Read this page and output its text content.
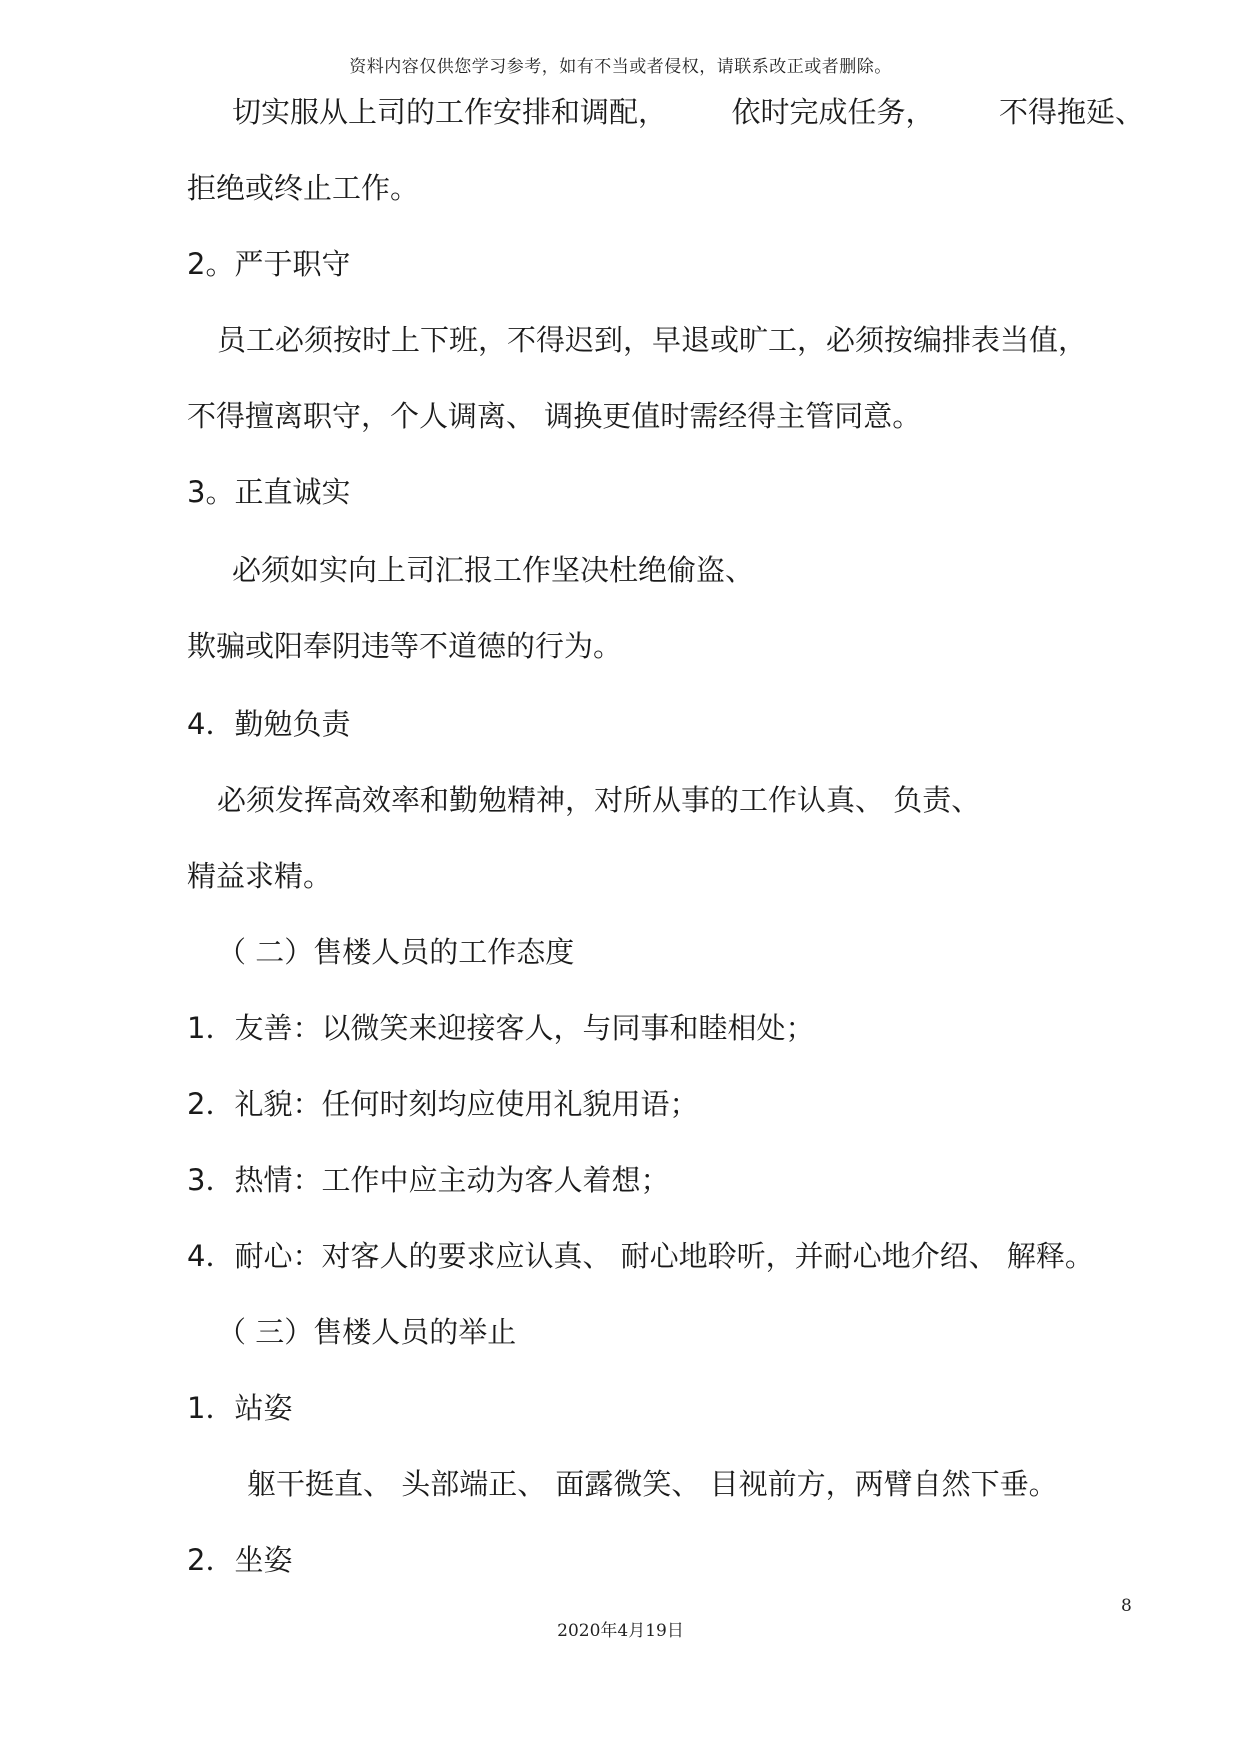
资料内容仅供您学习参考，如有不当或者侵权，请联系改正或者删除。
切实服从上司的工作安排和调配，       依时完成任务，       不得拖延、
拒绝或终止工作。
2。严于职守
员工必须按时上下班，不得迟到，早退或旷工，必须按编排表当值，
不得擅离职守，个人调离、 调换更值时需经得主管同意。
3。正直诚实
必须如实向上司汇报工作坚决杜绝偷盗、
欺骗或阳奉阴违等不道德的行为。
4．勤勉负责
必须发挥高效率和勤勉精神，对所从事的工作认真、 负责、
精益求精。
（ 二）售楼人员的工作态度
1．友善：以微笑来迎接客人，与同事和睦相处；
2．礼貌：任何时刻均应使用礼貌用语；
3．热情：工作中应主动为客人着想；
4．耐心：对客人的要求应认真、 耐心地聆听，并耐心地介绍、 解释。
（ 三）售楼人员的举止
1．站姿
躯干挺直、 头部端正、 面露微笑、 目视前方，两臂自然下垂。
2．坐姿
8
2020年4月19日
